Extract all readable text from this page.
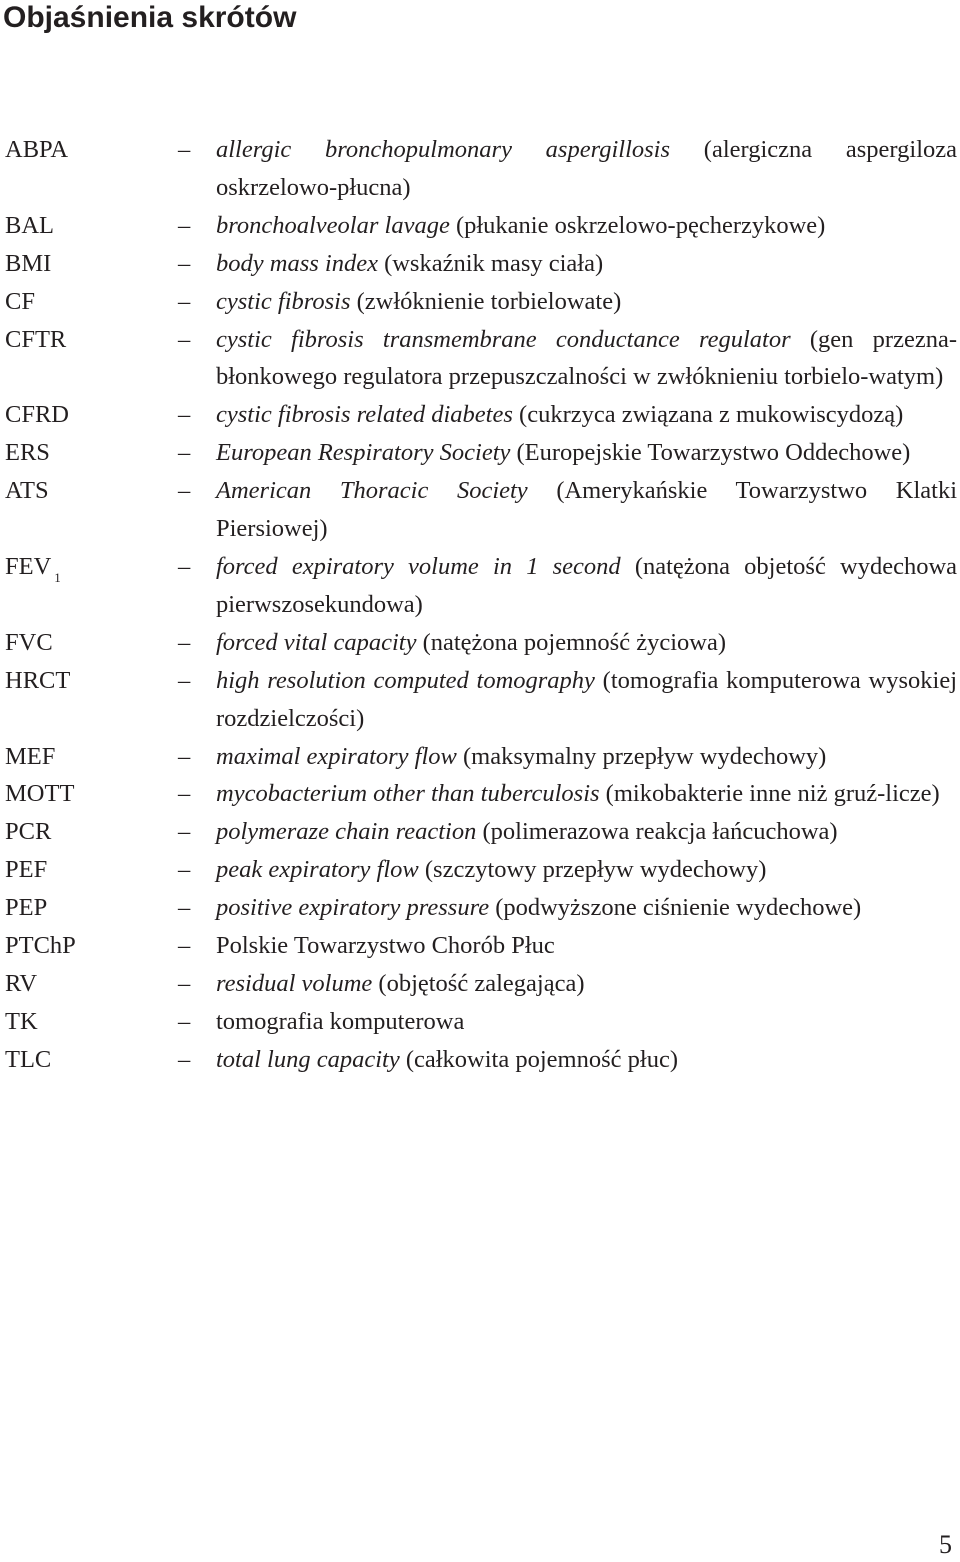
Objaśnienia skrótów
ABPA	–	allergic bronchopulmonary aspergillosis (alergiczna aspergiloza oskrzelowo-płucna)
BAL	–	bronchoalveolar lavage (płukanie oskrzelowo-pęcherzykowe)
BMI	–	body mass index (wskaźnik masy ciała)
CF	–	cystic fibrosis (zwłóknienie torbielowate)
CFTR	–	cystic fibrosis transmembrane conductance regulator (gen przezna-błonkowego regulatora przepuszczalności w zwłóknieniu torbielo-watym)
CFRD	–	cystic fibrosis related diabetes (cukrzyca związana z mukowiscydozą)
ERS	–	European Respiratory Society (Europejskie Towarzystwo Oddechowe)
ATS	–	American Thoracic Society (Amerykańskie Towarzystwo Klatki Piersiowej)
FEV $_1$	–	forced expiratory volume in 1 second (natężona objetość wydechowa pierwszosekundowa)
FVC	–	forced vital capacity (natężona pojemność życiowa)
HRCT	–	high resolution computed tomography (tomografia komputerowa wysokiej rozdzielczości)
MEF	–	maximal expiratory flow (maksymalny przepływ wydechowy)
MOTT	–	mycobacterium other than tuberculosis (mikobakterie inne niż gruź-licze)
PCR	–	polymeraze chain reaction (polimerazowa reakcja łańcuchowa)
PEF	–	peak expiratory flow (szczytowy przepływ wydechowy)
PEP	–	positive expiratory pressure (podwyższone ciśnienie wydechowe)
PTChP	–	Polskie Towarzystwo Chorób Płuc
RV	–	residual volume (objętość zalegająca)
TK	–	tomografia komputerowa
TLC	–	total lung capacity (całkowita pojemność płuc)
5
